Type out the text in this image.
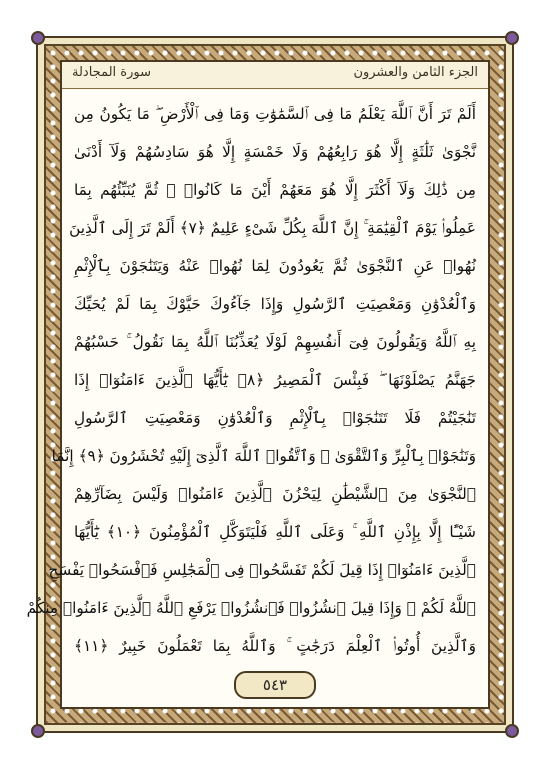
الجزء الثامن والعشرون
سورة المجادلة
أَلَمْ تَرَ أَنَّ ٱللَّهَ يَعْلَمُ مَا فِى ٱلسَّمَٰوَٰتِ وَمَا فِى ٱلْأَرْضِ ۖ مَا يَكُونُ مِن
نَّجْوَىٰ ثَلَٰثَةٍ إِلَّا هُوَ رَابِعُهُمْ وَلَا خَمْسَةٍ إِلَّا هُوَ سَادِسُهُمْ وَلَآ أَدْنَىٰ
مِن ذَٰلِكَ وَلَآ أَكْثَرَ إِلَّا هُوَ مَعَهُمْ أَيْنَ مَا كَانُوا۟ ۖ ثُمَّ يُنَبِّئُهُم بِمَا
عَمِلُوا۟ يَوْمَ ٱلْقِيَٰمَةِ ۚ إِنَّ ٱللَّهَ بِكُلِّ شَىْءٍ عَلِيمٌ ﴿٧﴾ أَلَمْ تَرَ إِلَى ٱلَّذِينَ
نُهُوا۟ عَنِ ٱلنَّجْوَىٰ ثُمَّ يَعُودُونَ لِمَا نُهُوا۟ عَنْهُ وَيَتَنَٰجَوْنَ بِٱلْإِثْمِ
وَٱلْعُدْوَٰنِ وَمَعْصِيَتِ ٱلرَّسُولِ وَإِذَا جَآءُوكَ حَيَّوْكَ بِمَا لَمْ يُحَيِّكَ
بِهِ ٱللَّهُ وَيَقُولُونَ فِىٓ أَنفُسِهِمْ لَوْلَا يُعَذِّبُنَا ٱللَّهُ بِمَا نَقُولُ ۚ حَسْبُهُمْ
جَهَنَّمُ يَصْلَوْنَهَا ۖ فَبِئْسَ ٱلْمَصِيرُ ﴿٨﴾ يَٰٓأَيُّهَا ٱلَّذِينَ ءَامَنُوٓا۟ إِذَا
تَنَٰجَيْتُمْ فَلَا تَتَنَٰجَوْا۟ بِٱلْإِثْمِ وَٱلْعُدْوَٰنِ وَمَعْصِيَتِ ٱلرَّسُولِ
وَتَنَٰجَوْا۟ بِٱلْبِرِّ وَٱلتَّقْوَىٰ ۖ وَٱتَّقُوا۟ ٱللَّهَ ٱلَّذِىٓ إِلَيْهِ تُحْشَرُونَ ﴿٩﴾ إِنَّمَا
ٱلنَّجْوَىٰ مِنَ ٱلشَّيْطَٰنِ لِيَحْزُنَ ٱلَّذِينَ ءَامَنُوا۟ وَلَيْسَ بِضَآرِّهِمْ
شَيْـًٔا إِلَّا بِإِذْنِ ٱللَّهِ ۚ وَعَلَى ٱللَّهِ فَلْيَتَوَكَّلِ ٱلْمُؤْمِنُونَ ﴿١٠﴾ يَٰٓأَيُّهَا
ٱلَّذِينَ ءَامَنُوٓا۟ إِذَا قِيلَ لَكُمْ تَفَسَّحُوا۟ فِى ٱلْمَجَٰلِسِ فَٱفْسَحُوا۟ يَفْسَحِ
ٱللَّهُ لَكُمْ ۖ وَإِذَا قِيلَ ٱنشُزُوا۟ فَٱنشُزُوا۟ يَرْفَعِ ٱللَّهُ ٱلَّذِينَ ءَامَنُوا۟ مِنكُمْ
وَٱلَّذِينَ أُوتُوا۟ ٱلْعِلْمَ دَرَجَٰتٍ ۚ وَٱللَّهُ بِمَا تَعْمَلُونَ خَبِيرٌ ﴿١١﴾
٥٤٣
